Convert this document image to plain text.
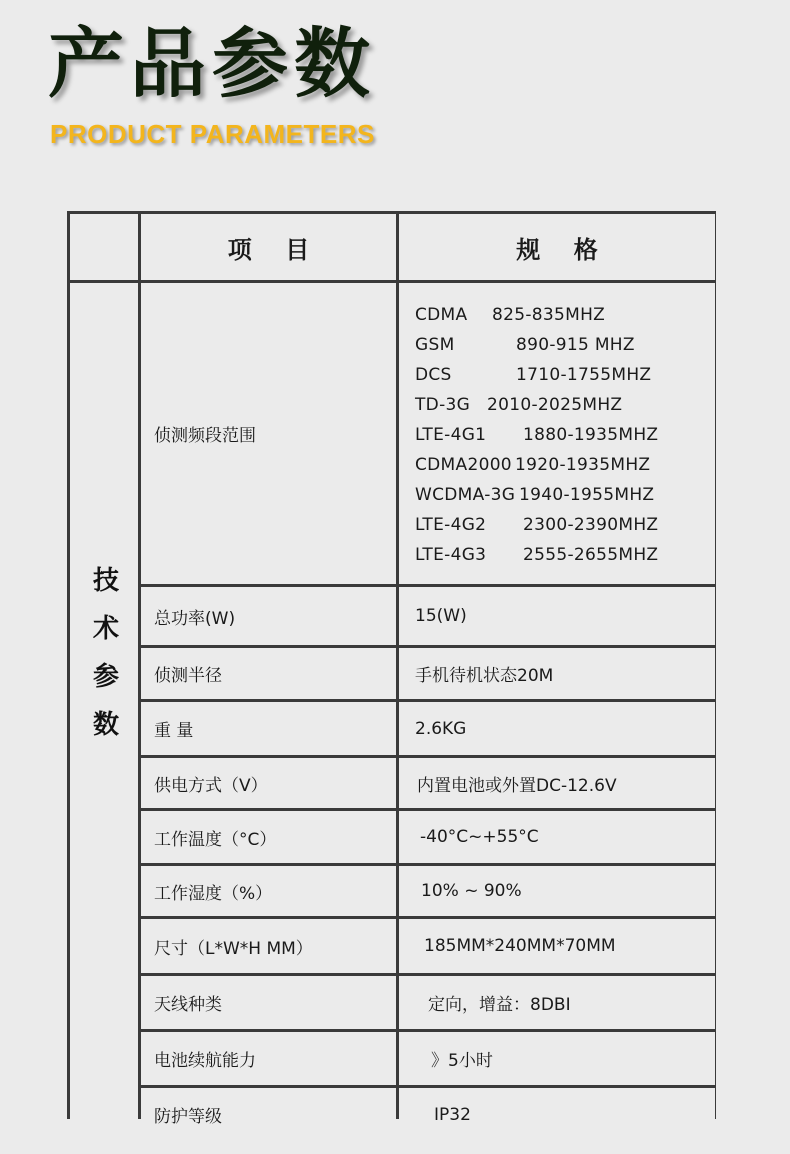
产品参数
PRODUCT PARAMETERS
项    目	规    格
技术参数
侦测频段范围
CDMA	825-835MHZ
GSM	890-915 MHZ
DCS	1710-1755MHZ
TD-3G 2010-2025MHZ
LTE-4G1	1880-1935MHZ
CDMA2000 1920-1935MHZ
WCDMA-3G 1940-1955MHZ
LTE-4G2	2300-2390MHZ
LTE-4G3	2555-2655MHZ
总功率(W)	15(W)
侦测半径	手机待机状态20M
重 量	2.6KG
供电方式（V）	内置电池或外置DC-12.6V
工作温度（°C）	-40°C~+55°C
工作湿度（%）	10% ~ 90%
尺寸（L*W*H MM）	185MM*240MM*70MM
天线种类	定向，增益：8DBI
电池续航能力	》5小时
防护等级	IP32
